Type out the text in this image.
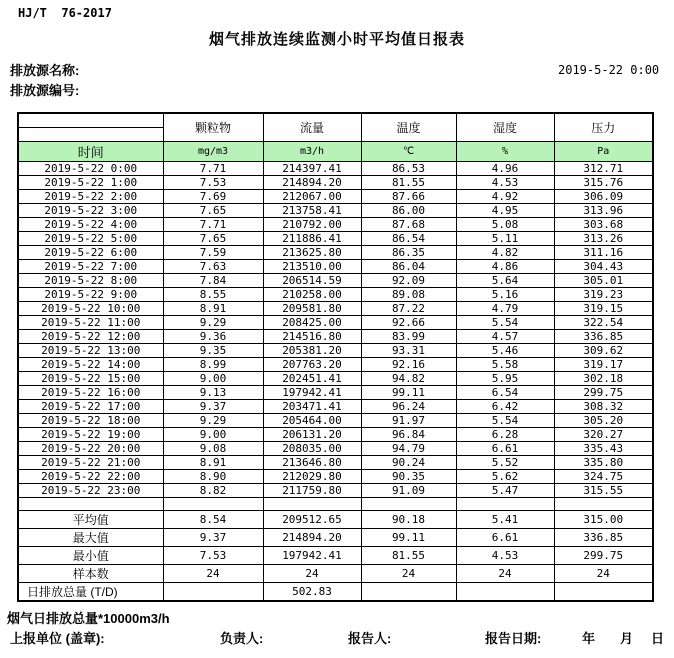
HJ/T  76-2017
烟气排放连续监测小时平均值日报表
排放源名称:
排放源编号:
2019-5-22 0:00
	颗粒物	流量	温度	湿度	压力

时间	mg/m3	m3/h	℃	%	Pa
2019-5-22 0:00	7.71	214397.41	86.53	4.96	312.71
2019-5-22 1:00	7.53	214894.20	81.55	4.53	315.76
2019-5-22 2:00	7.69	212067.00	87.66	4.92	306.09
2019-5-22 3:00	7.65	213758.41	86.00	4.95	313.96
2019-5-22 4:00	7.71	210792.00	87.68	5.08	303.68
2019-5-22 5:00	7.65	211886.41	86.54	5.11	313.26
2019-5-22 6:00	7.59	213625.80	86.35	4.82	311.16
2019-5-22 7:00	7.63	213510.00	86.04	4.86	304.43
2019-5-22 8:00	7.84	206514.59	92.09	5.64	305.01
2019-5-22 9:00	8.55	210258.00	89.08	5.16	319.23
2019-5-22 10:00	8.91	209581.80	87.22	4.79	319.15
2019-5-22 11:00	9.29	208425.00	92.66	5.54	322.54
2019-5-22 12:00	9.36	214516.80	83.99	4.57	336.85
2019-5-22 13:00	9.35	205381.20	93.31	5.46	309.62
2019-5-22 14:00	8.99	207763.20	92.16	5.58	319.17
2019-5-22 15:00	9.00	202451.41	94.82	5.95	302.18
2019-5-22 16:00	9.13	197942.41	99.11	6.54	299.75
2019-5-22 17:00	9.37	203471.41	96.24	6.42	308.32
2019-5-22 18:00	9.29	205464.00	91.97	5.54	305.20
2019-5-22 19:00	9.00	206131.20	96.84	6.28	320.27
2019-5-22 20:00	9.08	208035.00	94.79	6.61	335.43
2019-5-22 21:00	8.91	213646.80	90.24	5.52	335.80
2019-5-22 22:00	8.90	212029.80	90.35	5.62	324.75
2019-5-22 23:00	8.82	211759.80	91.09	5.47	315.55

平均值	8.54	209512.65	90.18	5.41	315.00
最大值	9.37	214894.20	99.11	6.61	336.85
最小值	7.53	197942.41	81.55	4.53	299.75
样本数	24	24	24	24	24
日排放总量 (T/D)		502.83			
烟气日排放总量*10000m3/h
上报单位 (盖章):	负责人:	报告人:	报告日期:	年 月 日
